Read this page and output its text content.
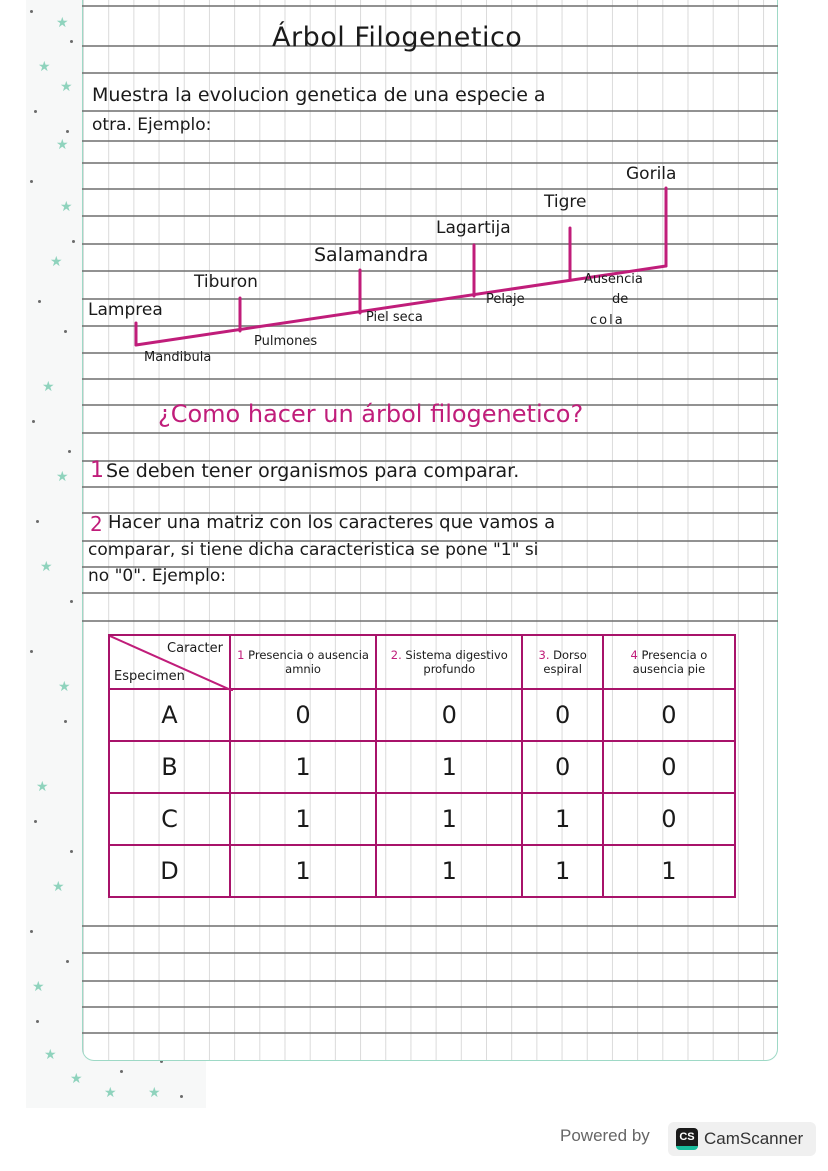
★
★
★
★
★
★
★
★
★
★
★
★
★
★
★
★ ★
Árbol Filogenetico
Muestra la evolucion genetica de una especie a
otra. Ejemplo:
Lamprea
Tiburon
Salamandra
Lagartija
Tigre
Gorila
Mandibula
Pulmones
Piel seca
Pelaje
Ausencia
de
cola
¿Como hacer un árbol filogenetico?
1 Se deben tener organismos para comparar.
2 Hacer una matriz con los caracteres que vamos a
comparar, si tiene dicha caracteristica se pone "1" si
no "0". Ejemplo:
Caracter
Especimen	1 Presencia o ausencia amnio	2. Sistema digestivo profundo	3. Dorso espiral	4 Presencia o ausencia pie
A	0	0	0	0
B	1	1	0	0
C	1	1	1	0
D	1	1	1	1
Powered by	CS CamScanner
